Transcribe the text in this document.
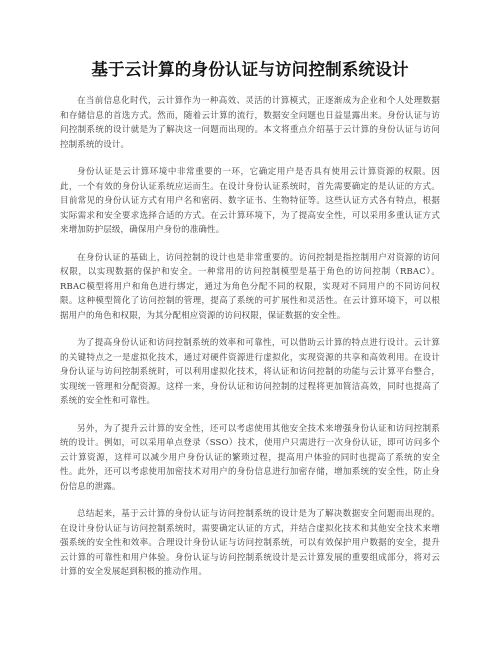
基于云计算的身份认证与访问控制系统设计

在当前信息化时代，云计算作为一种高效、灵活的计算模式，正逐渐成为企业和个人处理数据和存储信息的首选方式。然而，随着云计算的流行，数据安全问题也日益显露出来。身份认证与访问控制系统的设计就是为了解决这一问题而出现的。本文将重点介绍基于云计算的身份认证与访问控制系统的设计。

身份认证是云计算环境中非常重要的一环，它确定用户是否具有使用云计算资源的权限。因此，一个有效的身份认证系统应运而生。在设计身份认证系统时，首先需要确定的是认证的方式。目前常见的身份认证方式有用户名和密码、数字证书、生物特征等。这些认证方式各有特点，根据实际需求和安全要求选择合适的方式。在云计算环境下，为了提高安全性，可以采用多重认证方式来增加防护层级，确保用户身份的准确性。

在身份认证的基础上，访问控制的设计也是非常重要的。访问控制是指控制用户对资源的访问权限，以实现数据的保护和安全。一种常用的访问控制模型是基于角色的访问控制（RBAC）。RBAC模型将用户和角色进行绑定，通过为角色分配不同的权限，实现对不同用户的不同访问权限。这种模型简化了访问控制的管理，提高了系统的可扩展性和灵活性。在云计算环境下，可以根据用户的角色和权限，为其分配相应资源的访问权限，保证数据的安全性。

为了提高身份认证和访问控制系统的效率和可靠性，可以借助云计算的特点进行设计。云计算的关键特点之一是虚拟化技术，通过对硬件资源进行虚拟化，实现资源的共享和高效利用。在设计身份认证与访问控制系统时，可以利用虚拟化技术，将认证和访问控制的功能与云计算平台整合，实现统一管理和分配资源。这样一来，身份认证和访问控制的过程将更加简洁高效，同时也提高了系统的安全性和可靠性。

另外，为了提升云计算的安全性，还可以考虑使用其他安全技术来增强身份认证和访问控制系统的设计。例如，可以采用单点登录（SSO）技术，使用户只需进行一次身份认证，即可访问多个云计算资源，这样可以减少用户身份认证的繁琐过程，提高用户体验的同时也提高了系统的安全性。此外，还可以考虑使用加密技术对用户的身份信息进行加密存储，增加系统的安全性，防止身份信息的泄露。

总结起来，基于云计算的身份认证与访问控制系统的设计是为了解决数据安全问题而出现的。在设计身份认证与访问控制系统时，需要确定认证的方式，并结合虚拟化技术和其他安全技术来增强系统的安全性和效率。合理设计身份认证与访问控制系统，可以有效保护用户数据的安全，提升云计算的可靠性和用户体验。身份认证与访问控制系统设计是云计算发展的重要组成部分，将对云计算的安全发展起到积极的推动作用。
